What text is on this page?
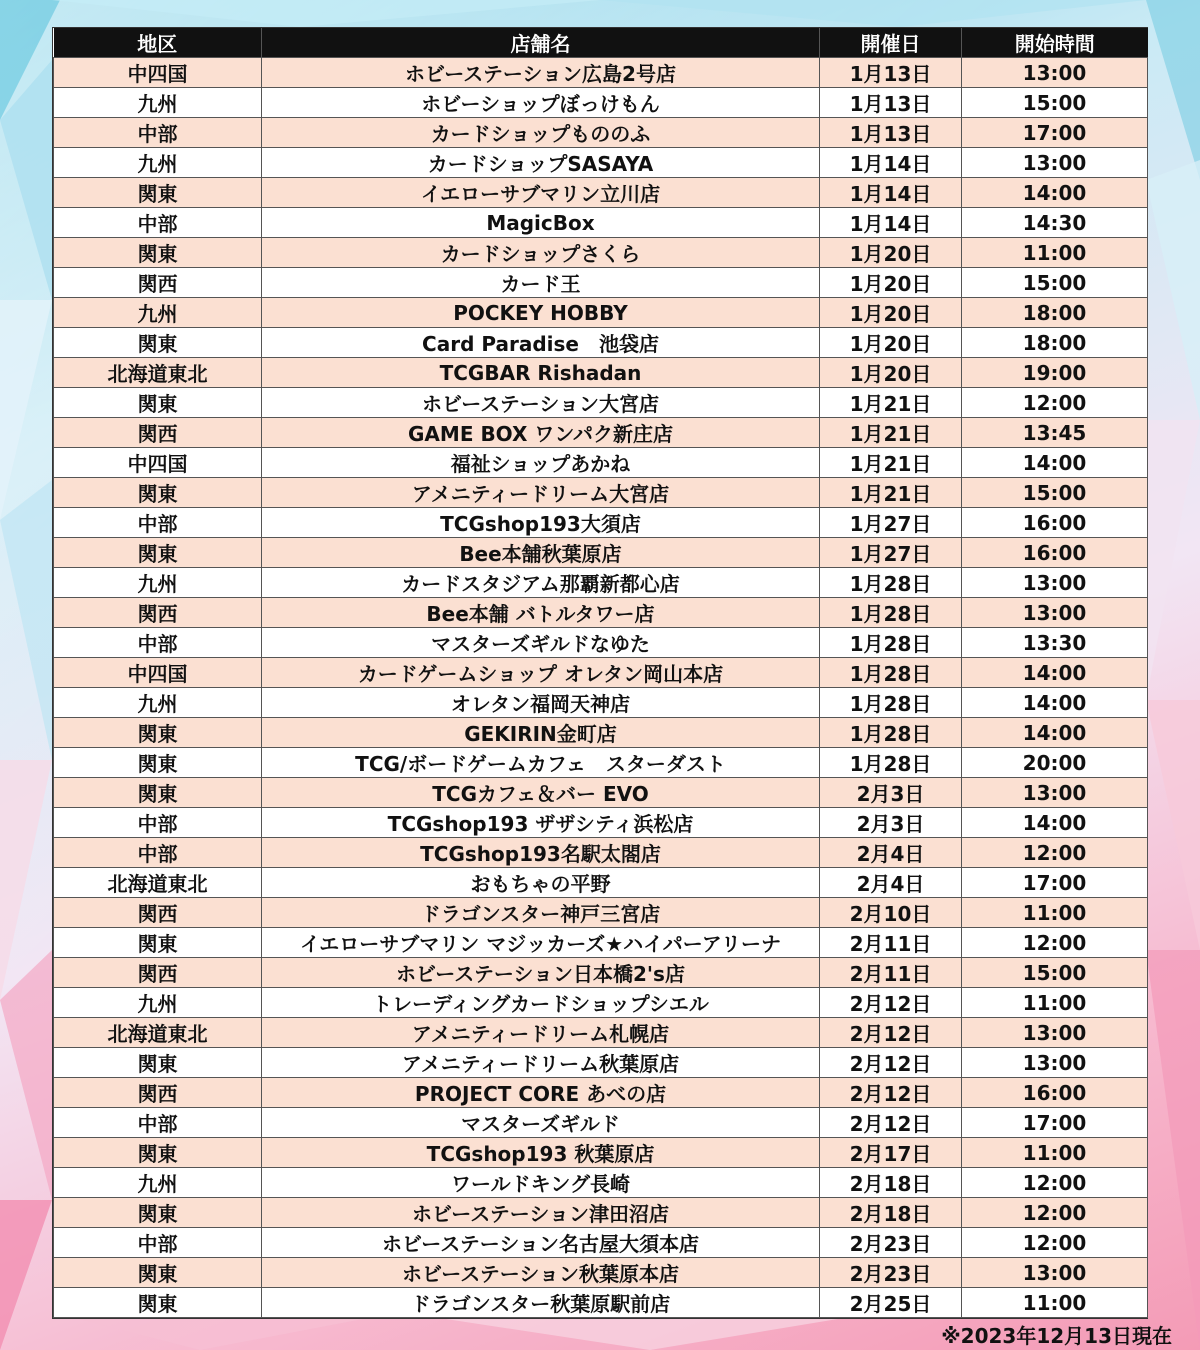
地区	店舗名	開催日	開始時間
中四国	ホビーステーション広島2号店	1月13日	13:00
九州	ホビーショップぼっけもん	1月13日	15:00
中部	カードショップもののふ	1月13日	17:00
九州	カードショップSASAYA	1月14日	13:00
関東	イエローサブマリン立川店	1月14日	14:00
中部	MagicBox	1月14日	14:30
関東	カードショップさくら	1月20日	11:00
関西	カード王	1月20日	15:00
九州	POCKEY HOBBY	1月20日	18:00
関東	Card Paradise　池袋店	1月20日	18:00
北海道東北	TCGBAR Rishadan	1月20日	19:00
関東	ホビーステーション大宮店	1月21日	12:00
関西	GAME BOX ワンパク新庄店	1月21日	13:45
中四国	福祉ショップあかね	1月21日	14:00
関東	アメニティードリーム大宮店	1月21日	15:00
中部	TCGshop193大須店	1月27日	16:00
関東	Bee本舗秋葉原店	1月27日	16:00
九州	カードスタジアム那覇新都心店	1月28日	13:00
関西	Bee本舗 バトルタワー店	1月28日	13:00
中部	マスターズギルドなゆた	1月28日	13:30
中四国	カードゲームショップ オレタン岡山本店	1月28日	14:00
九州	オレタン福岡天神店	1月28日	14:00
関東	GEKIRIN金町店	1月28日	14:00
関東	TCG/ボードゲームカフェ　スターダスト	1月28日	20:00
関東	TCGカフェ＆バー EVO	2月3日	13:00
中部	TCGshop193 ザザシティ浜松店	2月3日	14:00
中部	TCGshop193名駅太閤店	2月4日	12:00
北海道東北	おもちゃの平野	2月4日	17:00
関西	ドラゴンスター神戸三宮店	2月10日	11:00
関東	イエローサブマリン マジッカーズ★ハイパーアリーナ	2月11日	12:00
関西	ホビーステーション日本橋2's店	2月11日	15:00
九州	トレーディングカードショップシエル	2月12日	11:00
北海道東北	アメニティードリーム札幌店	2月12日	13:00
関東	アメニティードリーム秋葉原店	2月12日	13:00
関西	PROJECT CORE あべの店	2月12日	16:00
中部	マスターズギルド	2月12日	17:00
関東	TCGshop193 秋葉原店	2月17日	11:00
九州	ワールドキング長崎	2月18日	12:00
関東	ホビーステーション津田沼店	2月18日	12:00
中部	ホビーステーション名古屋大須本店	2月23日	12:00
関東	ホビーステーション秋葉原本店	2月23日	13:00
関東	ドラゴンスター秋葉原駅前店	2月25日	11:00
※2023年12月13日現在
